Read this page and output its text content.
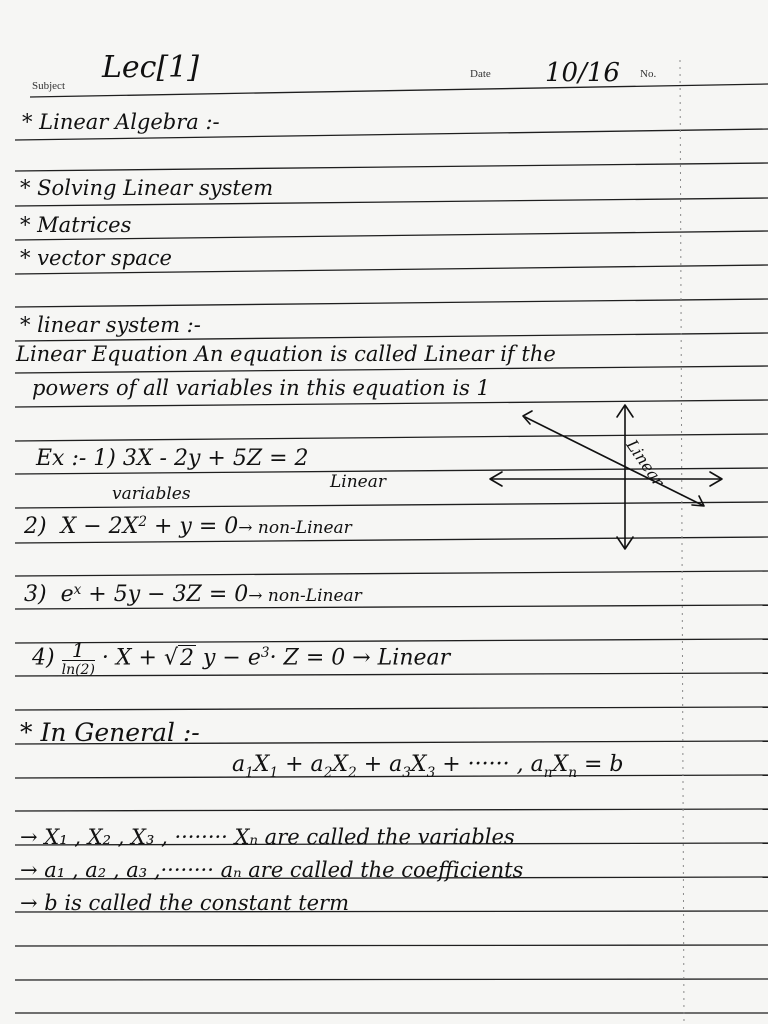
Subject
Lec[1]	Date 10/16 No.
* Linear Algebra :-
* Solving Linear system
* Matrices
* vector space
* linear system :-
Linear Equation An equation is called Linear if the
powers of all variables in this equation is 1
Linear
Ex :- 1) 3X - 2y + 5Z = 2
Linear
variables
2)  $X - 2X^2 + y = 0\to$ non-Linear
3)  $e^x + 5y - 3Z = 0\to$ non-Linear
$4) \frac{1}{\ln(2)} \cdot X + √2$ $y - e^3\cdot Z = 0$ → Linear
* In General :-
$a_1X_1 + a_2X_2 + a_3X_3$ + ······ , $a_nX_n = b$
→ X₁ , X₂ , X₃ , ········ Xₙ are called the variables
→ a₁ , a₂ , a₃ ,········ aₙ are called the coefficients
→ b is called the constant term
